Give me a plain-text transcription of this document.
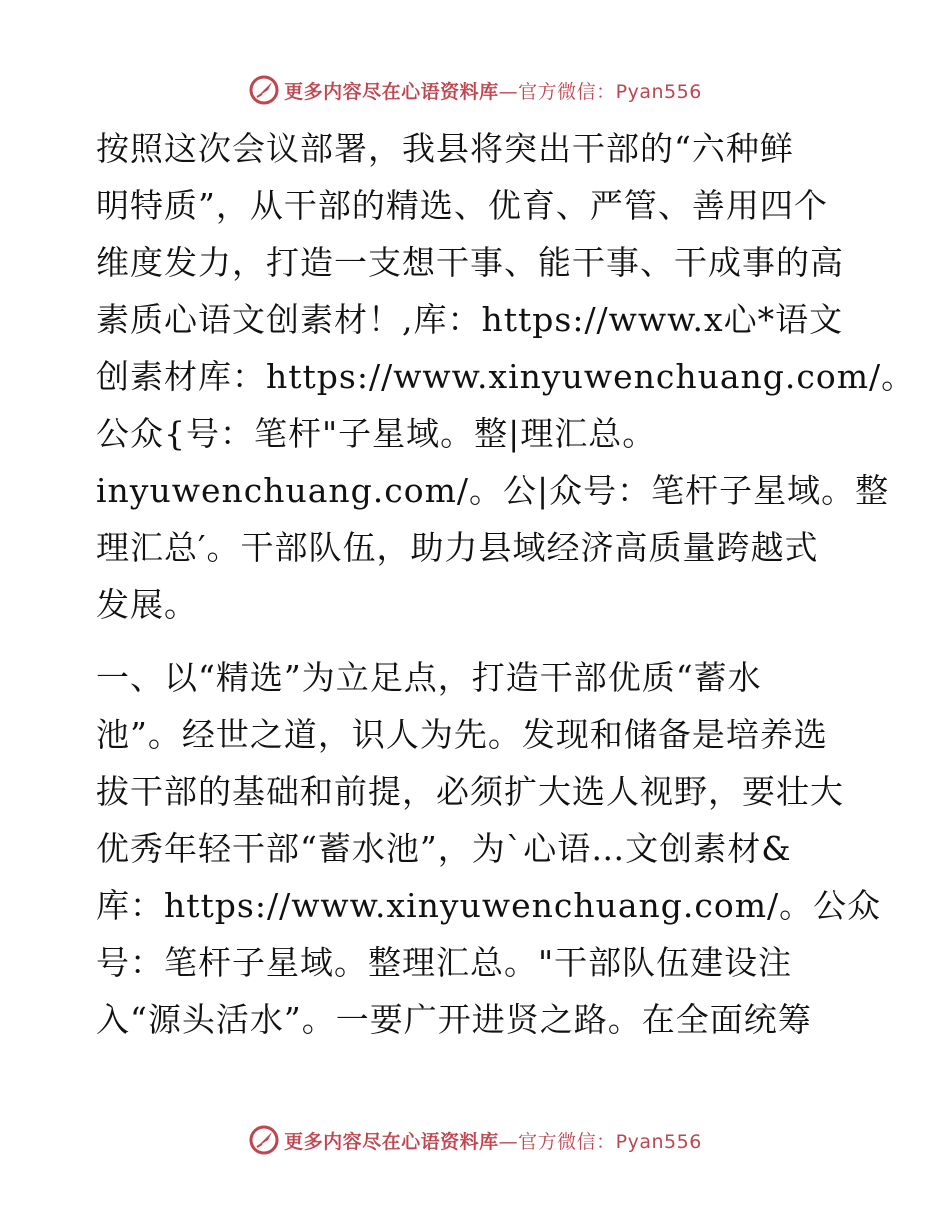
更多内容尽在心语资料库—官方微信：Pyan556

按照这次会议部署，我县将突出干部的“六种鲜
明特质”，从干部的精选、优育、严管、善用四个
维度发力，打造一支想干事、能干事、干成事的高
素质心语文创素材！,库：https://www.x心*语文
创素材库：https://www.xinyuwenchuang.com/。
公众{号：笔杆"子星域。整|理汇总。
inyuwenchuang.com/。公|众号：笔杆子星域。整
理汇总′。干部队伍，助力县域经济高质量跨越式
发展。

一、以“精选”为立足点，打造干部优质“蓄水
池”。经世之道，识人为先。发现和储备是培养选
拔干部的基础和前提，必须扩大选人视野，要壮大
优秀年轻干部“蓄水池”，为`心语…文创素材&
库：https://www.xinyuwenchuang.com/。公众
号：笔杆子星域。整理汇总。"干部队伍建设注
入“源头活水”。一要广开进贤之路。在全面统筹

更多内容尽在心语资料库—官方微信：Pyan556
